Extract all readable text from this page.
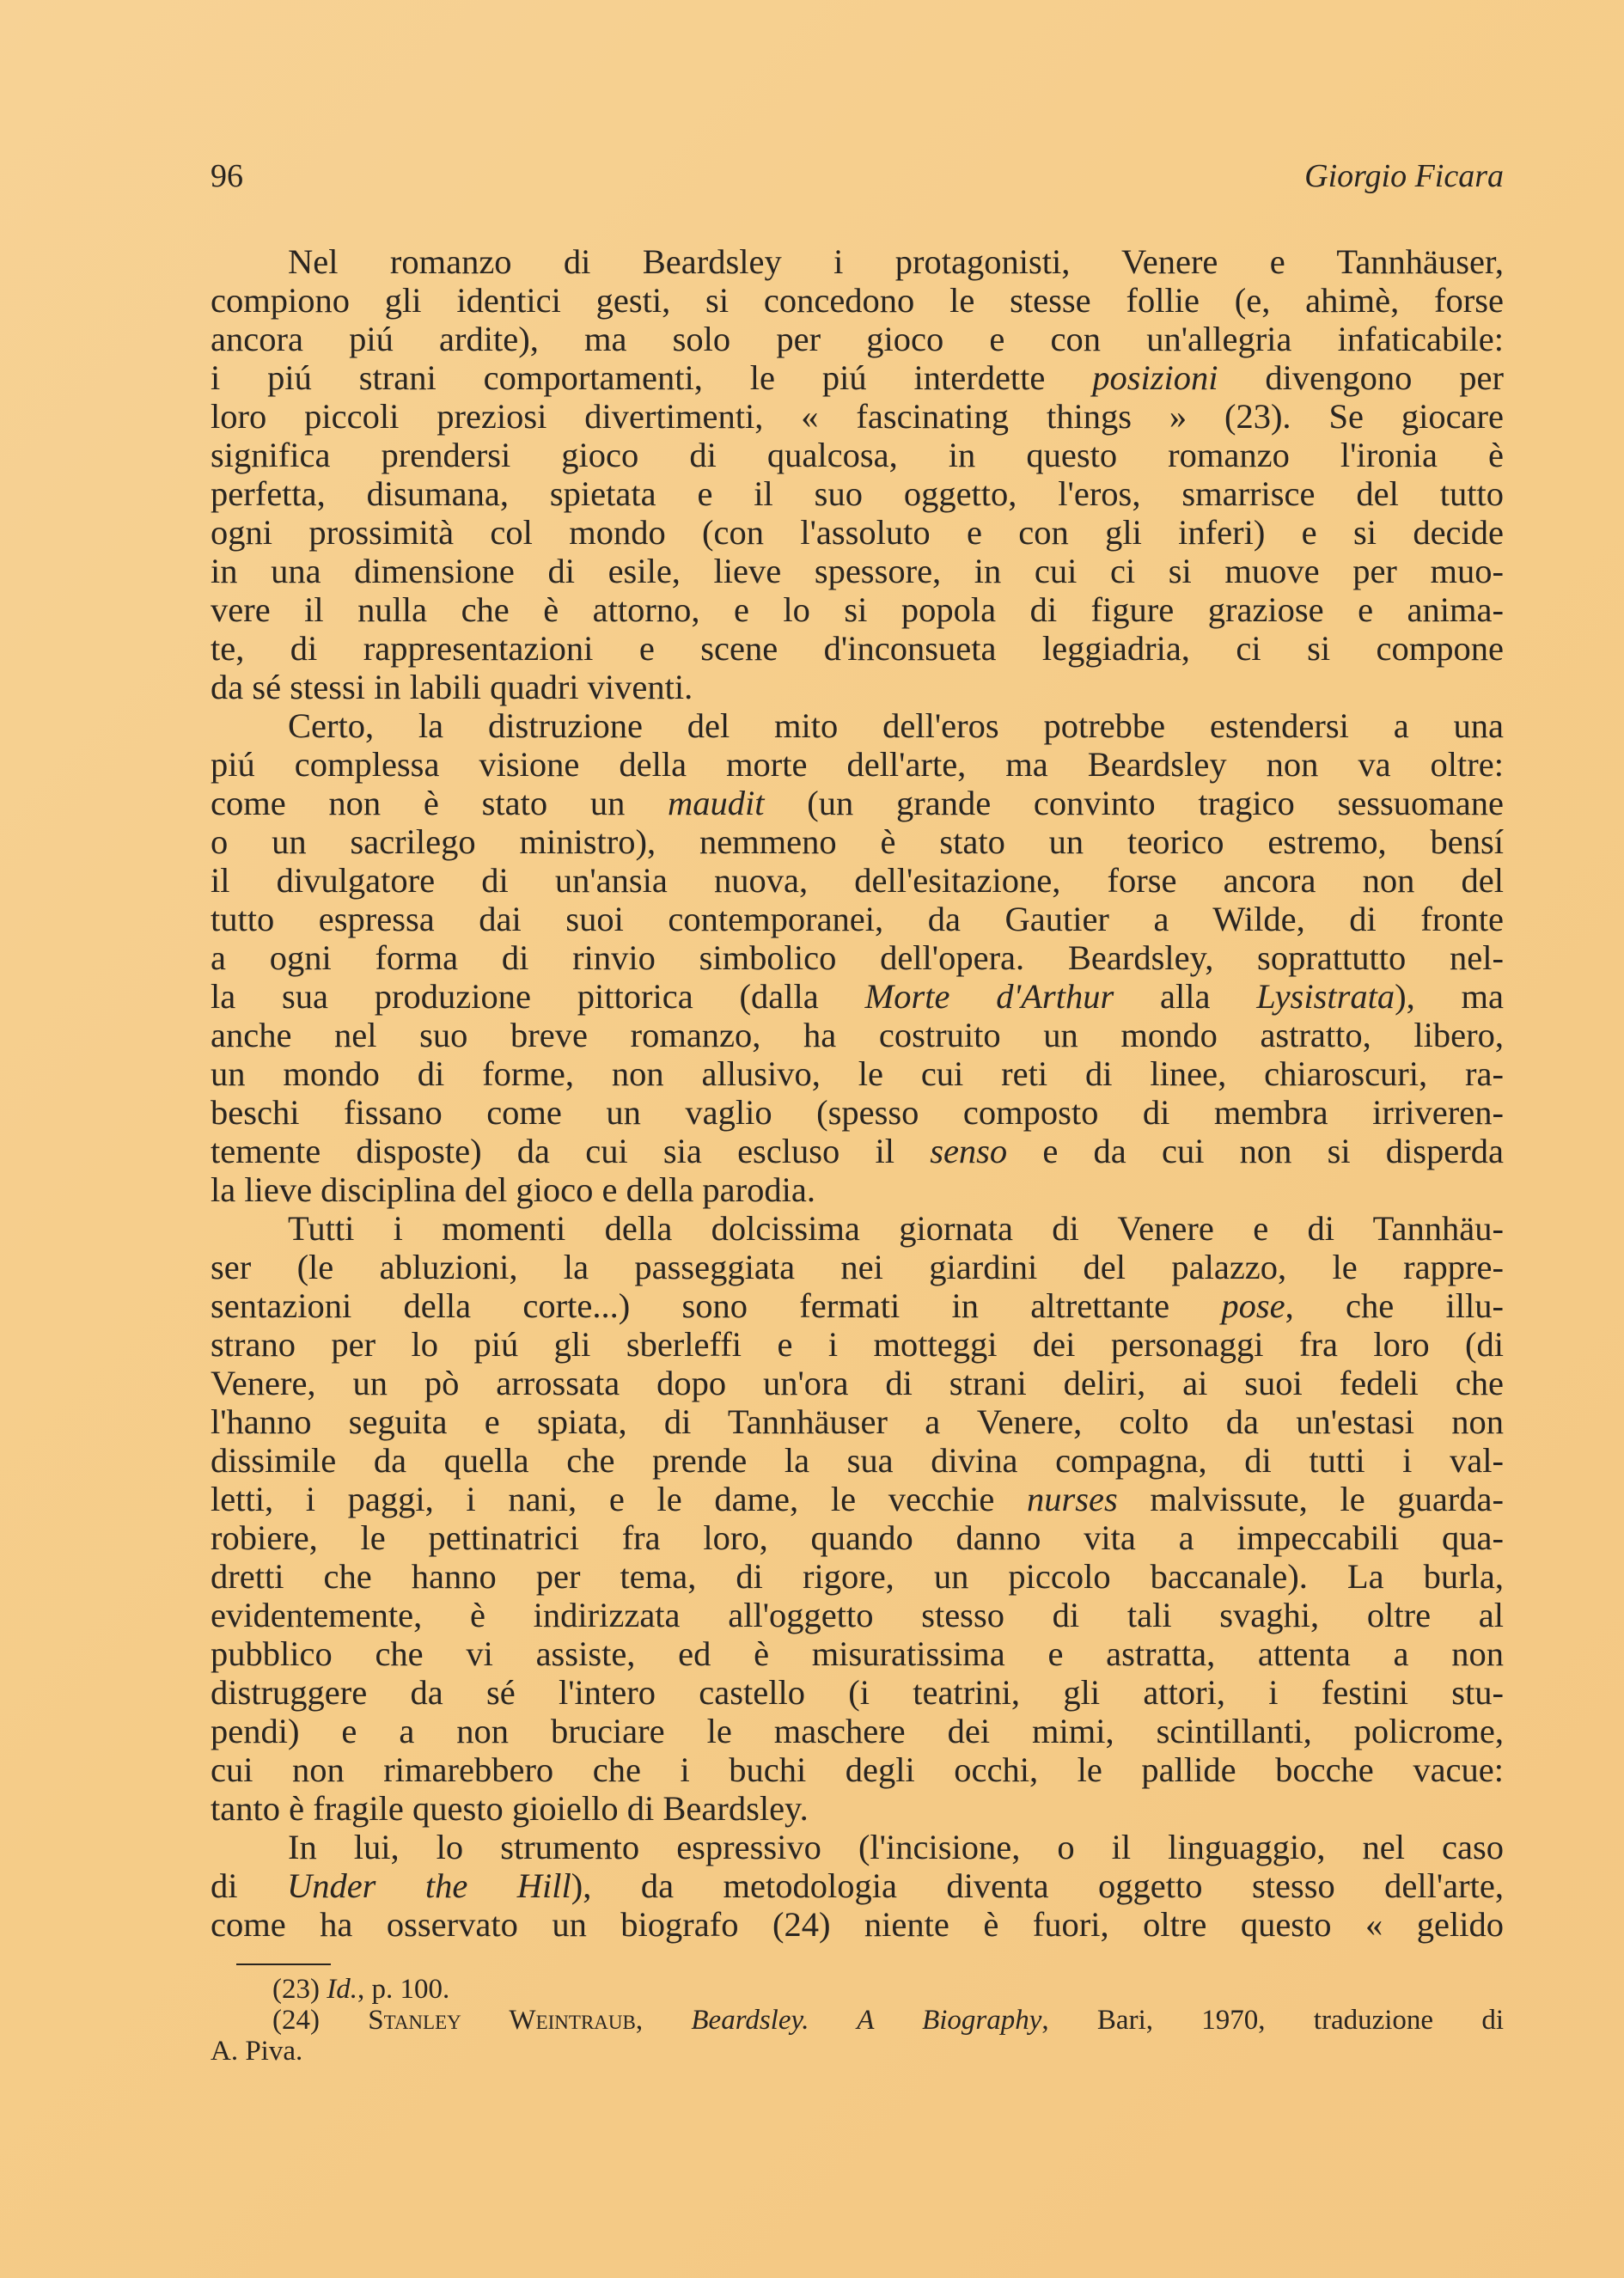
96	Giorgio Ficara
Nel romanzo di Beardsley i protagonisti, Venere e Tannhäuser,
compiono gli identici gesti, si concedono le stesse follie (e, ahimè, forse
ancora piú ardite), ma solo per gioco e con un'allegria infaticabile:
i piú strani comportamenti, le piú interdette posizioni divengono per
loro piccoli preziosi divertimenti, « fascinating things » (23). Se giocare
significa prendersi gioco di qualcosa, in questo romanzo l'ironia è
perfetta, disumana, spietata e il suo oggetto, l'eros, smarrisce del tutto
ogni prossimità col mondo (con l'assoluto e con gli inferi) e si decide
in una dimensione di esile, lieve spessore, in cui ci si muove per muo-
vere il nulla che è attorno, e lo si popola di figure graziose e anima-
te, di rappresentazioni e scene d'inconsueta leggiadria, ci si compone
da sé stessi in labili quadri viventi.
Certo, la distruzione del mito dell'eros potrebbe estendersi a una
piú complessa visione della morte dell'arte, ma Beardsley non va oltre:
come non è stato un maudit (un grande convinto tragico sessuomane
o un sacrilego ministro), nemmeno è stato un teorico estremo, bensí
il divulgatore di un'ansia nuova, dell'esitazione, forse ancora non del
tutto espressa dai suoi contemporanei, da Gautier a Wilde, di fronte
a ogni forma di rinvio simbolico dell'opera. Beardsley, soprattutto nel-
la sua produzione pittorica (dalla Morte d'Arthur alla Lysistrata), ma
anche nel suo breve romanzo, ha costruito un mondo astratto, libero,
un mondo di forme, non allusivo, le cui reti di linee, chiaroscuri, ra-
beschi fissano come un vaglio (spesso composto di membra irriveren-
temente disposte) da cui sia escluso il senso e da cui non si disperda
la lieve disciplina del gioco e della parodia.
Tutti i momenti della dolcissima giornata di Venere e di Tannhäu-
ser (le abluzioni, la passeggiata nei giardini del palazzo, le rappre-
sentazioni della corte...) sono fermati in altrettante pose, che illu-
strano per lo piú gli sberleffi e i motteggi dei personaggi fra loro (di
Venere, un pò arrossata dopo un'ora di strani deliri, ai suoi fedeli che
l'hanno seguita e spiata, di Tannhäuser a Venere, colto da un'estasi non
dissimile da quella che prende la sua divina compagna, di tutti i val-
letti, i paggi, i nani, e le dame, le vecchie nurses malvissute, le guarda-
robiere, le pettinatrici fra loro, quando danno vita a impeccabili qua-
dretti che hanno per tema, di rigore, un piccolo baccanale). La burla,
evidentemente, è indirizzata all'oggetto stesso di tali svaghi, oltre al
pubblico che vi assiste, ed è misuratissima e astratta, attenta a non
distruggere da sé l'intero castello (i teatrini, gli attori, i festini stu-
pendi) e a non bruciare le maschere dei mimi, scintillanti, policrome,
cui non rimarebbero che i buchi degli occhi, le pallide bocche vacue:
tanto è fragile questo gioiello di Beardsley.
In lui, lo strumento espressivo (l'incisione, o il linguaggio, nel caso
di Under the Hill), da metodologia diventa oggetto stesso dell'arte,
come ha osservato un biografo (24) niente è fuori, oltre questo « gelido
(23) Id., p. 100.
(24) Stanley Weintraub, Beardsley. A Biography, Bari, 1970, traduzione di
A. Piva.
